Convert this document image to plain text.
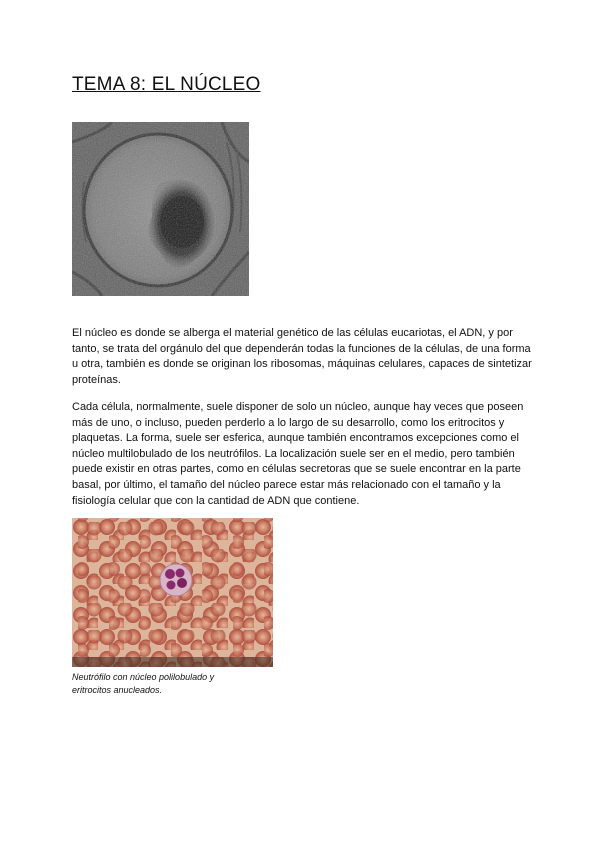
TEMA 8: EL NÚCLEO

El núcleo es donde se alberga el material genético de las células eucariotas, el ADN, y por tanto, se trata del orgánulo del que dependerán todas la funciones de la células, de una forma u otra, también es donde se originan los ribosomas, máquinas celulares, capaces de sintetizar proteínas.

Cada célula, normalmente, suele disponer de solo un núcleo, aunque hay veces que poseen más de uno, o incluso, pueden perderlo a lo largo de su desarrollo, como los eritrocitos y plaquetas. La forma, suele ser esferica, aunque también encontramos excepciones como el núcleo multilobulado de los neutrófilos. La localización suele ser en el medio, pero también puede existir en otras partes, como en células secretoras que se suele encontrar en la parte basal, por último, el tamaño del núcleo parece estar más relacionado con el tamaño y la fisiología celular que con la cantidad de ADN que contiene.

Neutrófilo con núcleo polilobulado y eritrocitos anucleados.
